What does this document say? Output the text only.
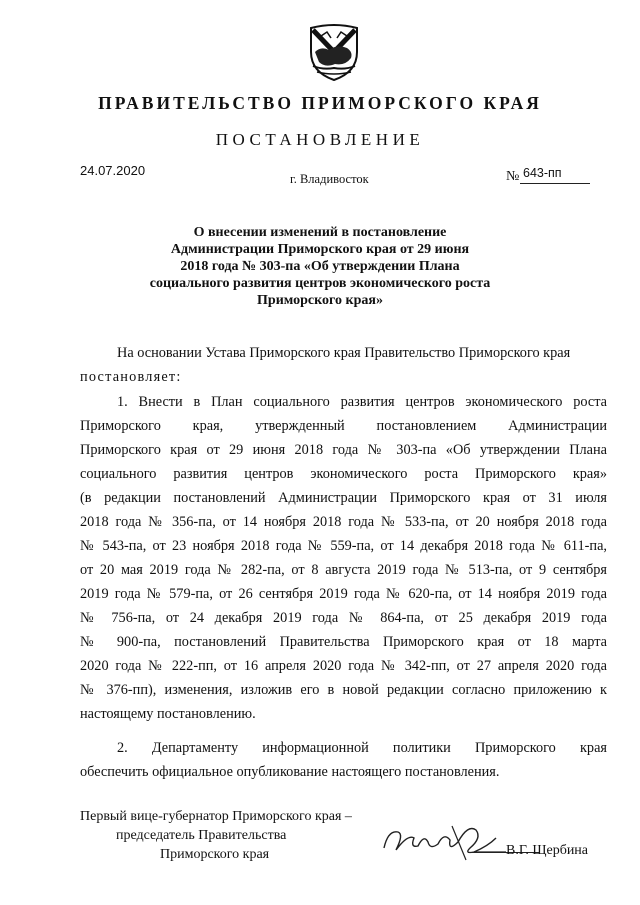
ПРАВИТЕЛЬСТВО ПРИМОРСКОГО КРАЯ
ПОСТАНОВЛЕНИЕ
24.07.2020
г. Владивосток	№ 643-пп
О внесении изменений в постановление
Администрации Приморского края от 29 июня
2018 года № 303-па «Об утверждении Плана
социального развития центров экономического роста
Приморского края»
На основании Устава Приморского края Правительство Приморского края
постановляет:
1. Внести в План социального развития центров экономического роста
Приморского края, утвержденный постановлением Администрации
Приморского края от 29 июня 2018 года № 303-па «Об утверждении Плана
социального развития центров экономического роста Приморского края»
(в редакции постановлений Администрации Приморского края от 31 июля
2018 года № 356-па, от 14 ноября 2018 года № 533-па, от 20 ноября 2018 года
№ 543-па, от 23 ноября 2018 года № 559-па, от 14 декабря 2018 года № 611-па,
от 20 мая 2019 года № 282-па, от 8 августа 2019 года № 513-па, от 9 сентября
2019 года № 579-па, от 26 сентября 2019 года № 620-па, от 14 ноября 2019 года
№ 756-па, от 24 декабря 2019 года № 864-па, от 25 декабря 2019 года
№ 900-па, постановлений Правительства Приморского края от 18 марта
2020 года № 222-пп, от 16 апреля 2020 года № 342-пп, от 27 апреля 2020 года
№ 376-пп), изменения, изложив его в новой редакции согласно приложению к
настоящему постановлению.
2. Департаменту информационной политики Приморского края
обеспечить официальное опубликование настоящего постановления.
Первый вице-губернатор Приморского края –
председатель Правительства
Приморского края	В.Г. Щербина
